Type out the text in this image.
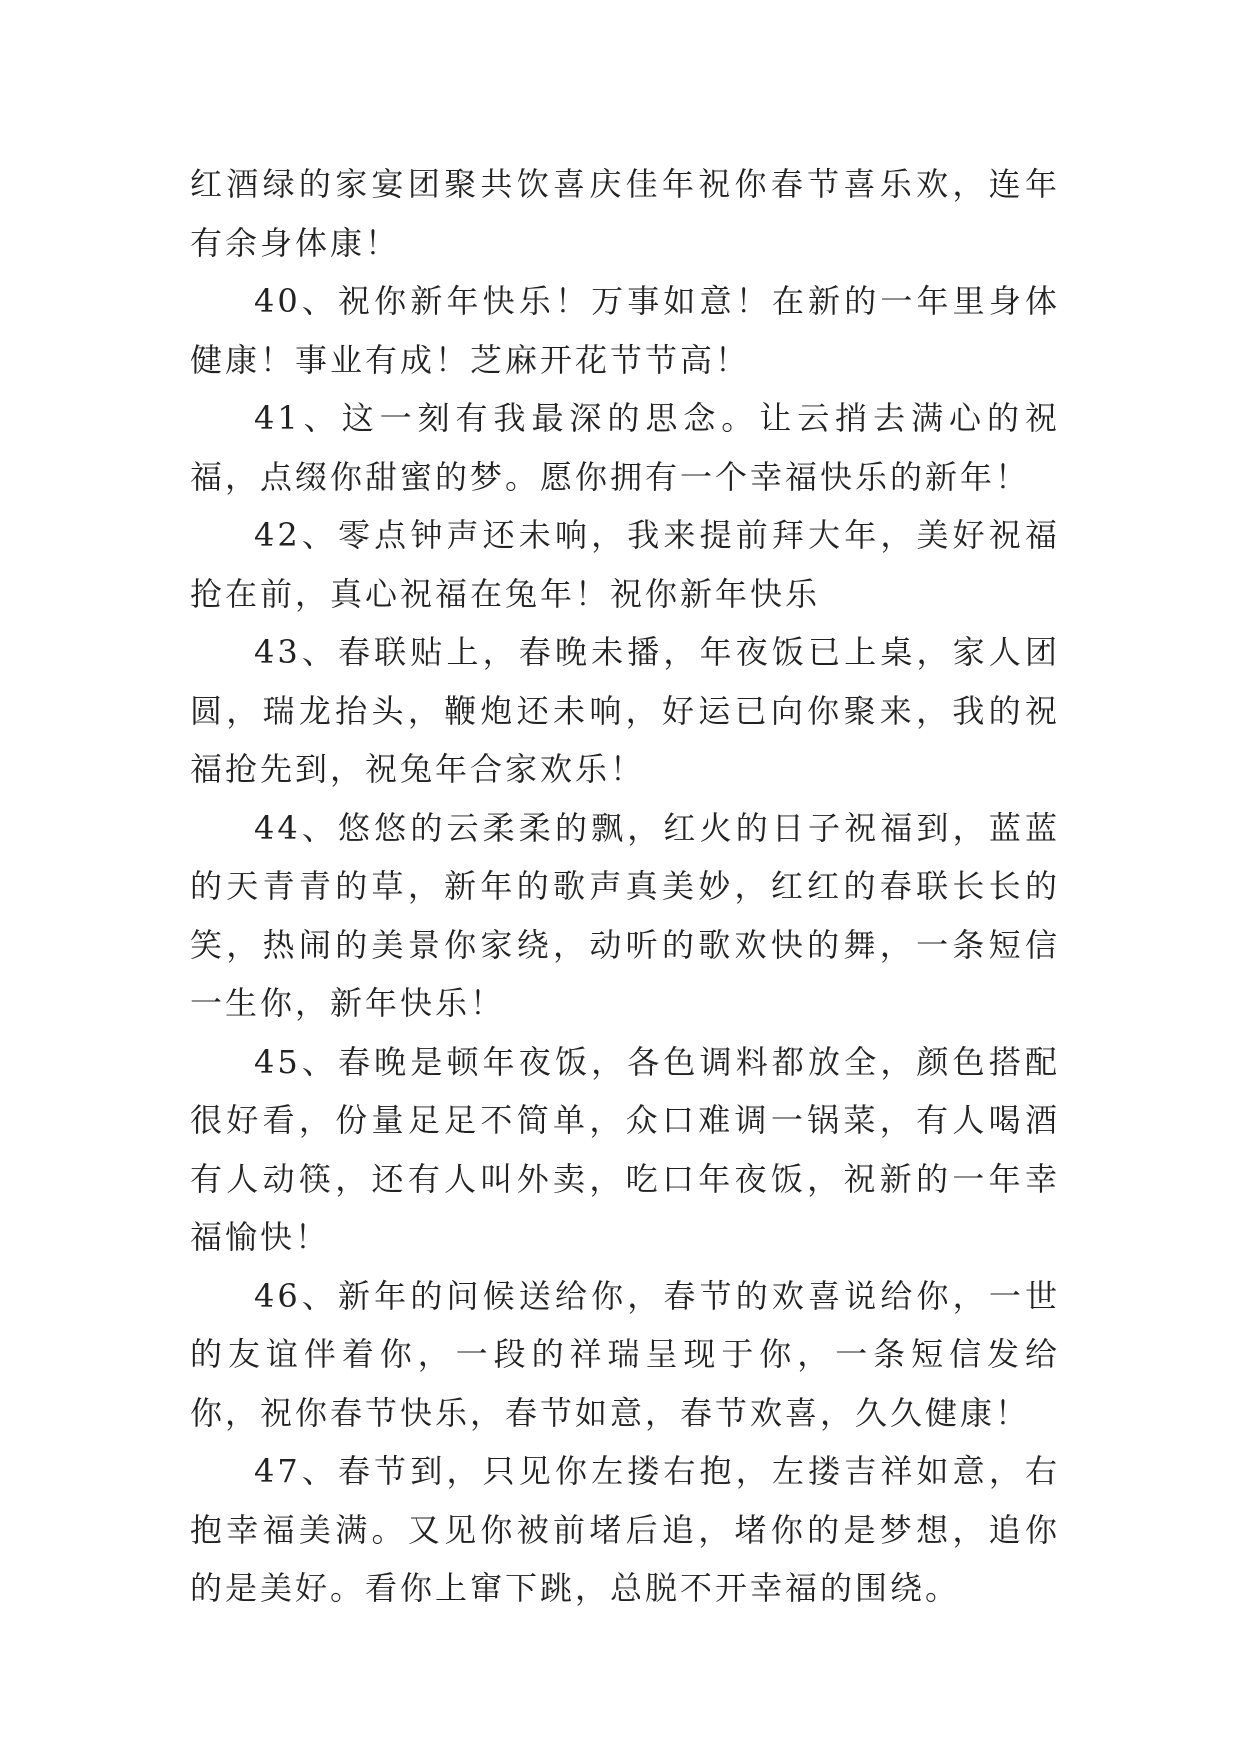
红酒绿的家宴团聚共饮喜庆佳年祝你春节喜乐欢，连年有余身体康！

40、祝你新年快乐！万事如意！在新的一年里身体健康！事业有成！芝麻开花节节高！

41、这一刻有我最深的思念。让云捎去满心的祝福，点缀你甜蜜的梦。愿你拥有一个幸福快乐的新年！

42、零点钟声还未响，我来提前拜大年，美好祝福抢在前，真心祝福在兔年！祝你新年快乐

43、春联贴上，春晚未播，年夜饭已上桌，家人团圆，瑞龙抬头，鞭炮还未响，好运已向你聚来，我的祝福抢先到，祝兔年合家欢乐！

44、悠悠的云柔柔的飘，红火的日子祝福到，蓝蓝的天青青的草，新年的歌声真美妙，红红的春联长长的笑，热闹的美景你家绕，动听的歌欢快的舞，一条短信一生你，新年快乐！

45、春晚是顿年夜饭，各色调料都放全，颜色搭配很好看，份量足足不简单，众口难调一锅菜，有人喝酒有人动筷，还有人叫外卖，吃口年夜饭，祝新的一年幸福愉快！

46、新年的问候送给你，春节的欢喜说给你，一世的友谊伴着你，一段的祥瑞呈现于你，一条短信发给你，祝你春节快乐，春节如意，春节欢喜，久久健康！

47、春节到，只见你左搂右抱，左搂吉祥如意，右抱幸福美满。又见你被前堵后追，堵你的是梦想，追你的是美好。看你上窜下跳，总脱不开幸福的围绕。
